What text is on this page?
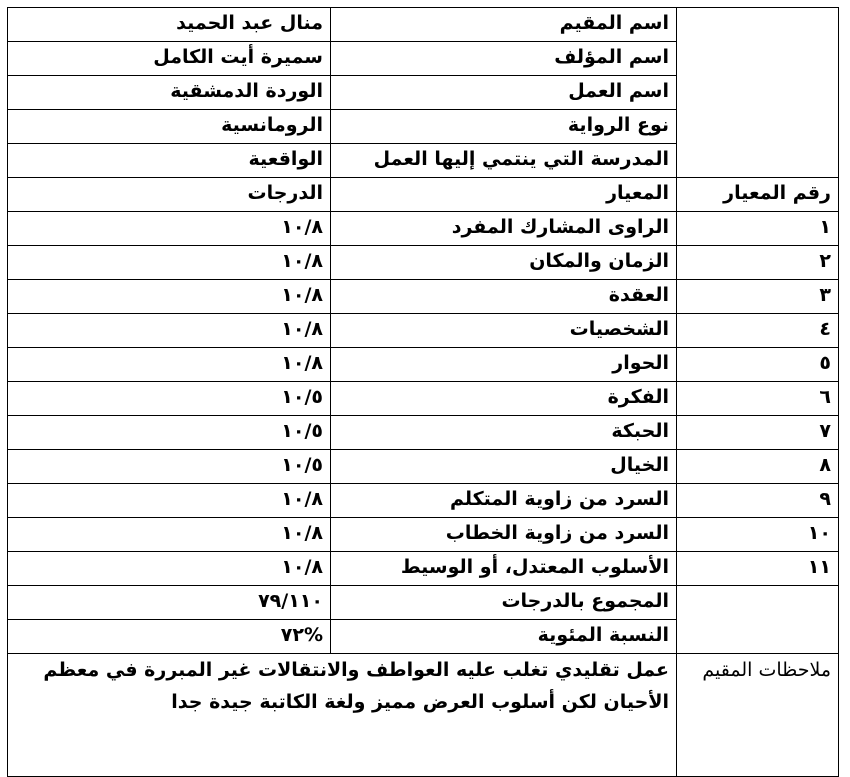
	اسم المقيم	منال عبد الحميد
	اسم المؤلف	سميرة أيت الكامل
	اسم العمل	الوردة الدمشقية
	نوع الرواية	الرومانسية
	المدرسة التي ينتمي إليها العمل	الواقعية
رقم المعيار	المعيار	الدرجات
١	الراوى المشارك المفرد	١٠/٨
٢	الزمان والمكان	١٠/٨
٣	العقدة	١٠/٨
٤	الشخصيات	١٠/٨
٥	الحوار	١٠/٨
٦	الفكرة	١٠/٥
٧	الحبكة	١٠/٥
٨	الخيال	١٠/٥
٩	السرد من زاوية المتكلم	١٠/٨
١٠	السرد من زاوية الخطاب	١٠/٨
١١	الأسلوب المعتدل، أو الوسيط	١٠/٨
	المجموع بالدرجات	٧٩/١١٠
	النسبة المئوية	%٧٢
ملاحظات المقيم	عمل تقليدي تغلب عليه العواطف والانتقالات غير المبررة في معظم الأحيان لكن أسلوب العرض مميز ولغة الكاتبة جيدة جدا	
